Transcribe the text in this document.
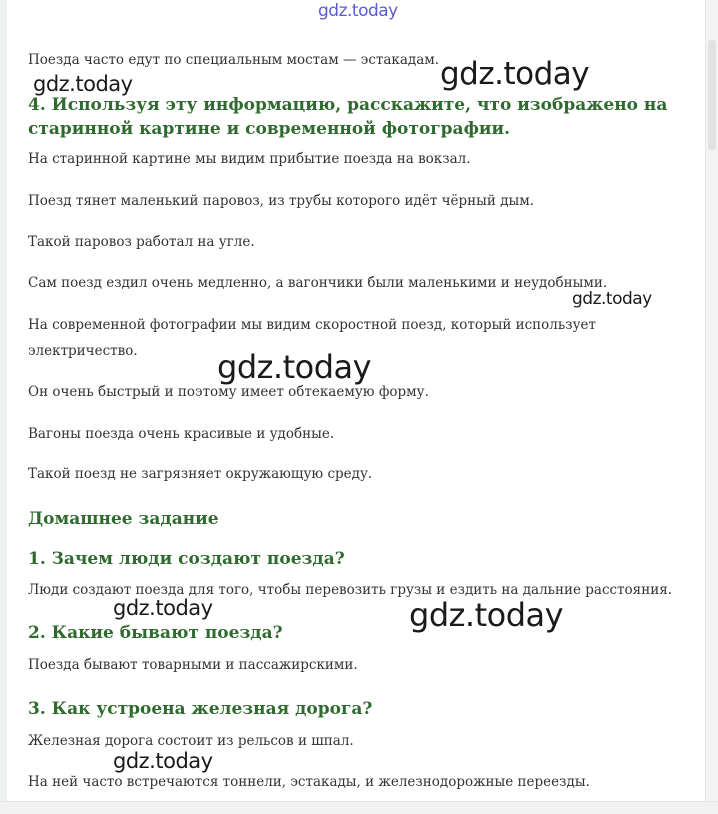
Поезда часто едут по специальным мостам — эстакадам.

4. Используя эту информацию, расскажите, что изображено на
старинной картине и современной фотографии.

На старинной картине мы видим прибытие поезда на вокзал.

Поезд тянет маленький паровоз, из трубы которого идёт чёрный дым.

Такой паровоз работал на угле.

Сам поезд ездил очень медленно, а вагончики были маленькими и неудобными.

На современной фотографии мы видим скоростной поезд, который использует

электричество.

Он очень быстрый и поэтому имеет обтекаемую форму.

Вагоны поезда очень красивые и удобные.

Такой поезд не загрязняет окружающую среду.

Домашнее задание
1. Зачем люди создают поезда?

Люди создают поезда для того, чтобы перевозить грузы и ездить на дальние расстояния.

2. Какие бывают поезда?

Поезда бывают товарными и пассажирскими.

3. Как устроена железная дорога?

Железная дорога состоит из рельсов и шпал.

На ней часто встречаются тоннели, эстакады, и железнодорожные переезды.

gdz.today
gdz.today	gdz.today
gdz.today
gdz.today
gdz.today	gdz.today
gdz.today
